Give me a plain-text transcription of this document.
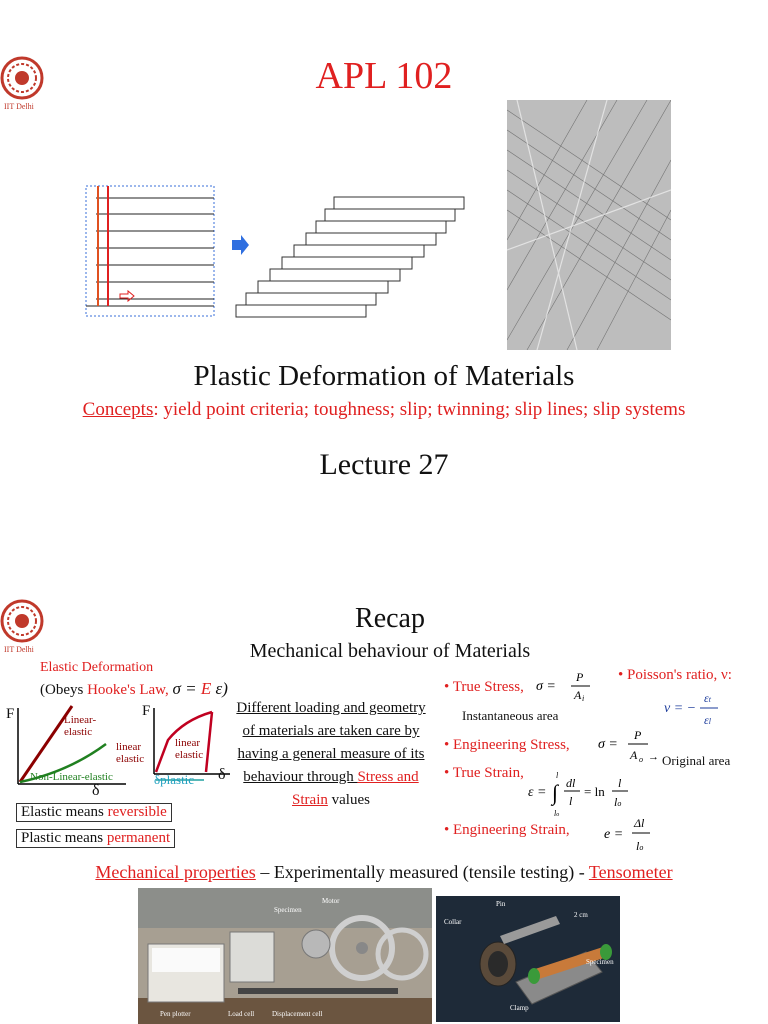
IIT Delhi
APL 102
Plastic Deformation of Materials
Concepts: yield point criteria; toughness; slip; twinning; slip lines; slip systems
Lecture 27
IIT Delhi
Recap
Mechanical behaviour of Materials
Elastic Deformation
(Obeys Hooke's Law, σ = E ε)
F
δ
Linear-elastic
Non-Linear-elastic
F
δ
linear elastic
linear elastic
δplastic
Elastic means reversible
Plastic means permanent
Different loading and geometry of materials are taken care by having a general measure of its behaviour through Stress and Strain values
• True Stress, σ =
P
A i
Instantaneous area
• Engineering Stress, σ =
P
A o → Original area
• True Strain,
ε = ∫
l
lo
dl
l
= ln
l
lo
• Engineering Strain, e =
Δl
lo
• Poisson's ratio, ν:
ν = −
εt
εl
Mechanical properties – Experimentally measured (tensile testing) - Tensometer
Specimen
Motor
Pen plotter	Load cell	Displacement cell
Pin
Collar
2 cm
Specimen
Clamp
